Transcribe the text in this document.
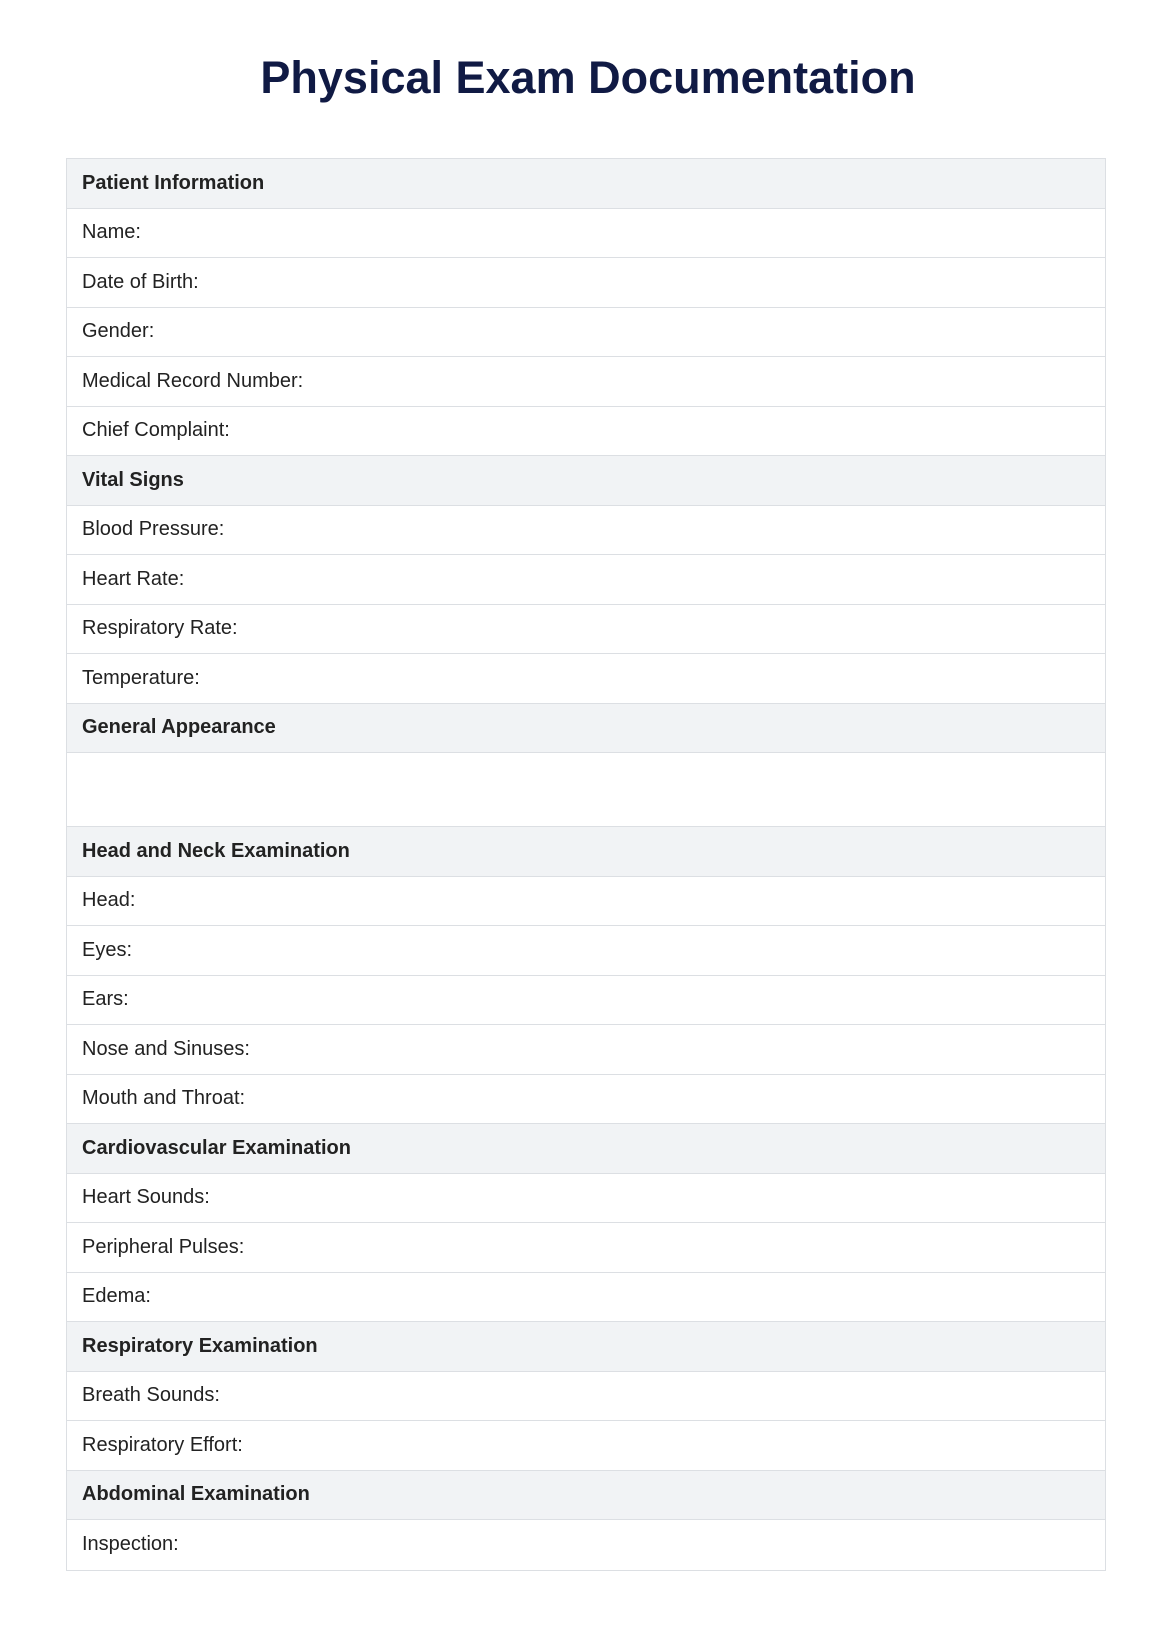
Physical Exam Documentation
Patient Information
Name:
Date of Birth:
Gender:
Medical Record Number:
Chief Complaint:
Vital Signs
Blood Pressure:
Heart Rate:
Respiratory Rate:
Temperature:
General Appearance
Head and Neck Examination
Head:
Eyes:
Ears:
Nose and Sinuses:
Mouth and Throat:
Cardiovascular Examination
Heart Sounds:
Peripheral Pulses:
Edema:
Respiratory Examination
Breath Sounds:
Respiratory Effort:
Abdominal Examination
Inspection:
